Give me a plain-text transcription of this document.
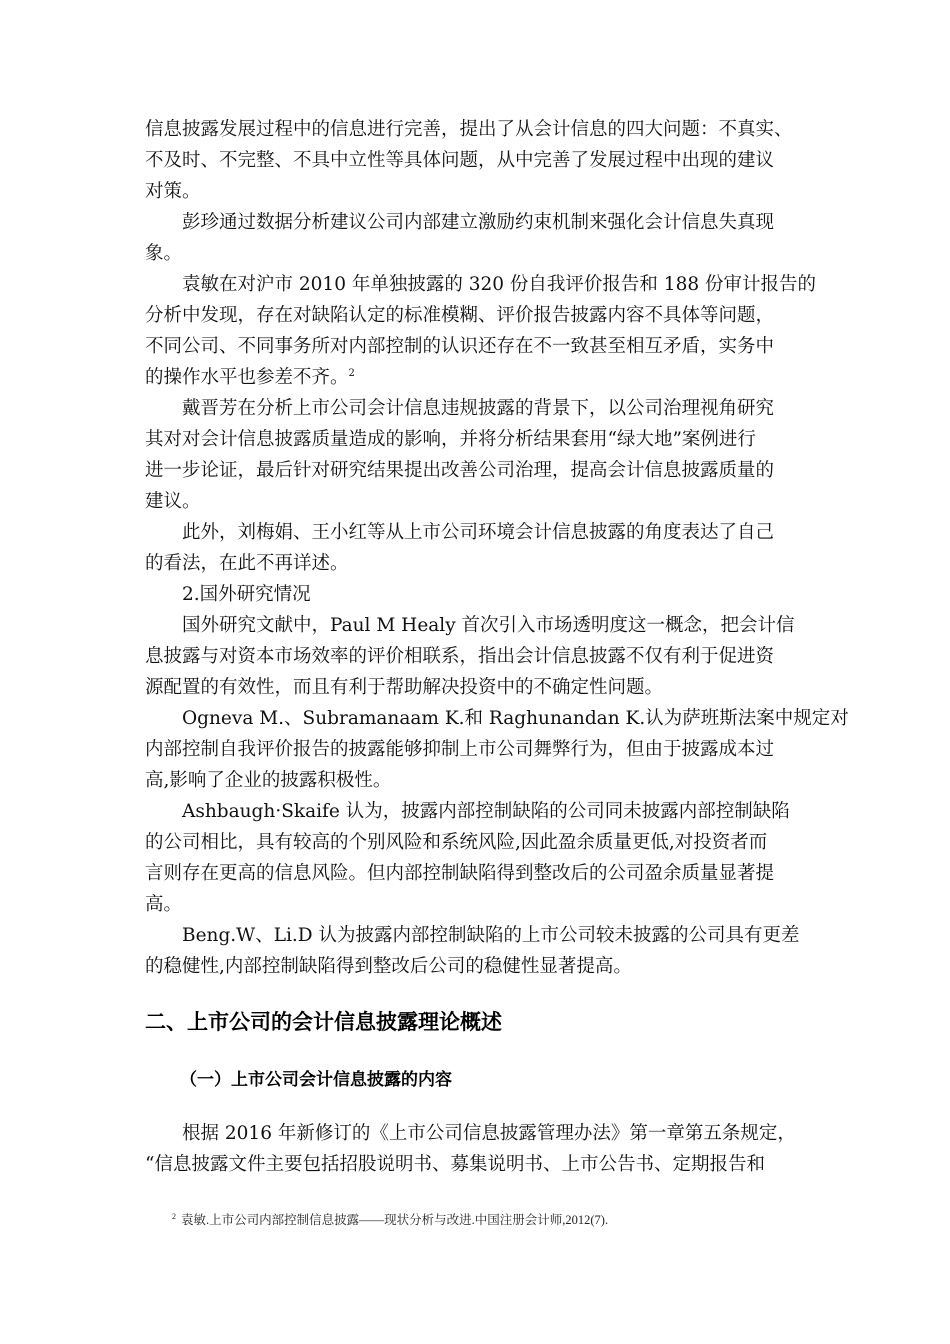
信息披露发展过程中的信息进行完善，提出了从会计信息的四大问题：不真实、
不及时、不完整、不具中立性等具体问题，从中完善了发展过程中出现的建议
对策。
彭珍通过数据分析建议公司内部建立激励约束机制来强化会计信息失真现
象。
袁敏在对沪市 2010 年单独披露的 320 份自我评价报告和 188 份审计报告的
分析中发现，存在对缺陷认定的标准模糊、评价报告披露内容不具体等问题，
不同公司、不同事务所对内部控制的认识还存在不一致甚至相互矛盾，实务中
的操作水平也参差不齐。$^2$
戴晋芳在分析上市公司会计信息违规披露的背景下，以公司治理视角研究
其对对会计信息披露质量造成的影响，并将分析结果套用“绿大地”案例进行
进一步论证，最后针对研究结果提出改善公司治理，提高会计信息披露质量的
建议。
此外，刘梅娟、王小红等从上市公司环境会计信息披露的角度表达了自己
的看法，在此不再详述。
2.国外研究情况
国外研究文献中，Paul M Healy 首次引入市场透明度这一概念，把会计信
息披露与对资本市场效率的评价相联系，指出会计信息披露不仅有利于促进资
源配置的有效性，而且有利于帮助解决投资中的不确定性问题。
Ogneva M.、Subramanaam K.和 Raghunandan K.认为萨班斯法案中规定对
内部控制自我评价报告的披露能够抑制上市公司舞弊行为，但由于披露成本过
高,影响了企业的披露积极性。
Ashbaugh·Skaife 认为，披露内部控制缺陷的公司同未披露内部控制缺陷
的公司相比，具有较高的个别风险和系统风险,因此盈余质量更低,对投资者而
言则存在更高的信息风险。但内部控制缺陷得到整改后的公司盈余质量显著提
高。
Beng.W、Li.D 认为披露内部控制缺陷的上市公司较未披露的公司具有更差
的稳健性,内部控制缺陷得到整改后公司的稳健性显著提高。
二、上市公司的会计信息披露理论概述
（一）上市公司会计信息披露的内容
根据 2016 年新修订的《上市公司信息披露管理办法》第一章第五条规定，
“信息披露文件主要包括招股说明书、募集说明书、上市公告书、定期报告和
$^2$ 袁敏.上市公司内部控制信息披露——现状分析与改进.中国注册会计师,2012(7).
